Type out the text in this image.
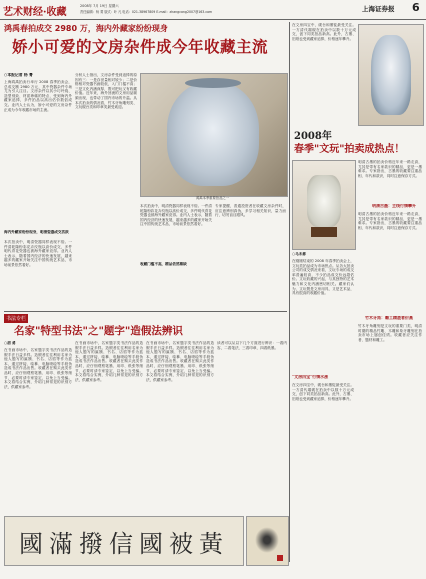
艺术财经·收藏
2008年 7月 19日 星期六
责任编辑：杨 菁 版式：叶 凡 电话：021-38967809 E-mail：zhangcang2007@163.com	上海证券报 6
鸿禹春拍成交 2980 万，海内外藏家纷纷现身
娇小可爱的文房杂件成今年收藏主流
鸿禹本季重要拍品之一
○本报记者 杨 菁
上海鸿禹拍卖行举行 2008 春季拍卖会，总成交额 2980 万元，其中瓷器杂件专场尤为引人注目。文房杂件以其小巧玲珑、造型别致、材质珍稀的特点，受到海内外藏家追捧，多件拍品以高出估价数倍成交。业内人士认为，娇小可爱的文房杂件正成为今年收藏市场的主流。
海内外藏家纷纷现身，明清瓷器成交活跃
本次拍卖中，明清瓷器同样表现不俗。一件清乾隆粉彩花卉纹瓶以高价成交，多件明代青花瓷器也被海外藏家竞得。业内人士表示，随着国内经济的快速发展，越来越多的藏家开始关注中国传统艺术品，市场前景依然看好。
分析人士指出，文房杂件受到追捧的原因有三：一是存世量相对较少；二是价格相对瓷器书画较低，入门门槛不高；三是文化内涵深厚，既可把玩又有收藏价值。近年来，海外回流的文房用品频频出现，也带动了国内市场的升温。从本次拍卖的情况看，竹木牙角雕刻类、文玩砚台类和印章类最受欢迎。
本次拍卖中，明清瓷器同样表现不俗。一件清乾隆粉彩花卉纹瓶以高价成交，多件明代青花瓷器也被海外藏家竞得。业内人士表示，随着国内经济的快速发展，越来越多的藏家开始关注中国传统艺术品，市场前景依然看好。
收藏门槛不高，精品依然稀缺
专家提醒，普通投资者在收藏文房杂件时，应注意辨别真伪，多学习相关知识，量力而行，切勿盲目跟风。
在文房四宝中，砚台和墨锭最受关注。一方清代端砚在拍卖中以数十万元成交，创下同类拍品新高。此外，古墨、旧纸也受到藏家追捧，价格逐年攀升。
2008年
春季"文玩"拍卖成热点！
○马未都
在刚刚结束的 2008 年春季拍卖会上，文玩类拍品成为市场热点。从各大拍卖公司的成交情况来看，文玩专场的成交率普遍较高，不少拍品成交价远超估价。文玩收藏的兴起，与其独特的艺术魅力和文化内涵密切相关。藏家们认为，文玩既是文房用具，又是艺术品，具有很高的收藏价值。
明清古墨的拍卖价格近年来一路走高，尤其是带有名家款识的精品，更是一墨难求。专家指出，古墨的收藏要注重品相、年代和款识，同时注意保存方式。
明清古墨：主线行情攀升
明清古墨的拍卖价格近年来一路走高，尤其是带有名家款识的精品，更是一墨难求。专家指出，古墨的收藏要注重品相、年代和款识，同时注意保存方式。
"文房四宝"行情水涨
在文房四宝中，砚台和墨锭最受关注。一方清代端砚在拍卖中以数十万元成交，创下同类拍品新高。此外，古墨、旧纸也受到藏家追捧，价格逐年攀升。
竹木牙角：雕工精湛者价高
竹木牙角雕刻是文玩的重要门类，明清时期的精品竹雕、木雕和象牙雕刻在拍卖市场上屡创佳绩。收藏者应关注作者、题材和雕工。
书法专栏
名家"特型书法"之"题字"造假法辨识
○胡 勇
在书画市场中，名家题字类书法作品的造假手法日益多样。造假者往往利用名家为他人题写的匾额、书名、店招等作为蓝本，通过拼接、临摹、电脑喷绘等手段伪造成书法作品出售。收藏者在购买此类作品时，应仔细观察笔墨、用印、纸张等细节，必要时请专家鉴定，以免上当受骗。本文将结合实例，介绍几种常见的识别方法，供藏家参考。
在书画市场中，名家题字类书法作品的造假手法日益多样。造假者往往利用名家为他人题写的匾额、书名、店招等作为蓝本，通过拼接、临摹、电脑喷绘等手段伪造成书法作品出售。收藏者在购买此类作品时，应仔细观察笔墨、用印、纸张等细节，必要时请专家鉴定，以免上当受骗。本文将结合实例，介绍几种常见的识别方法，供藏家参考。
在书画市场中，名家题字类书法作品的造假手法日益多样。造假者往往利用名家为他人题写的匾额、书名、店招等作为蓝本，通过拼接、临摹、电脑喷绘等手段伪造成书法作品出售。收藏者在购买此类作品时，应仔细观察笔墨、用印、纸张等细节，必要时请专家鉴定，以免上当受骗。本文将结合实例，介绍几种常见的识别方法，供藏家参考。
读者可以从以下几个方面进行辨识：一看内容，二看笔法，三看印章，四看纸墨。
國滿撥信國被黃
